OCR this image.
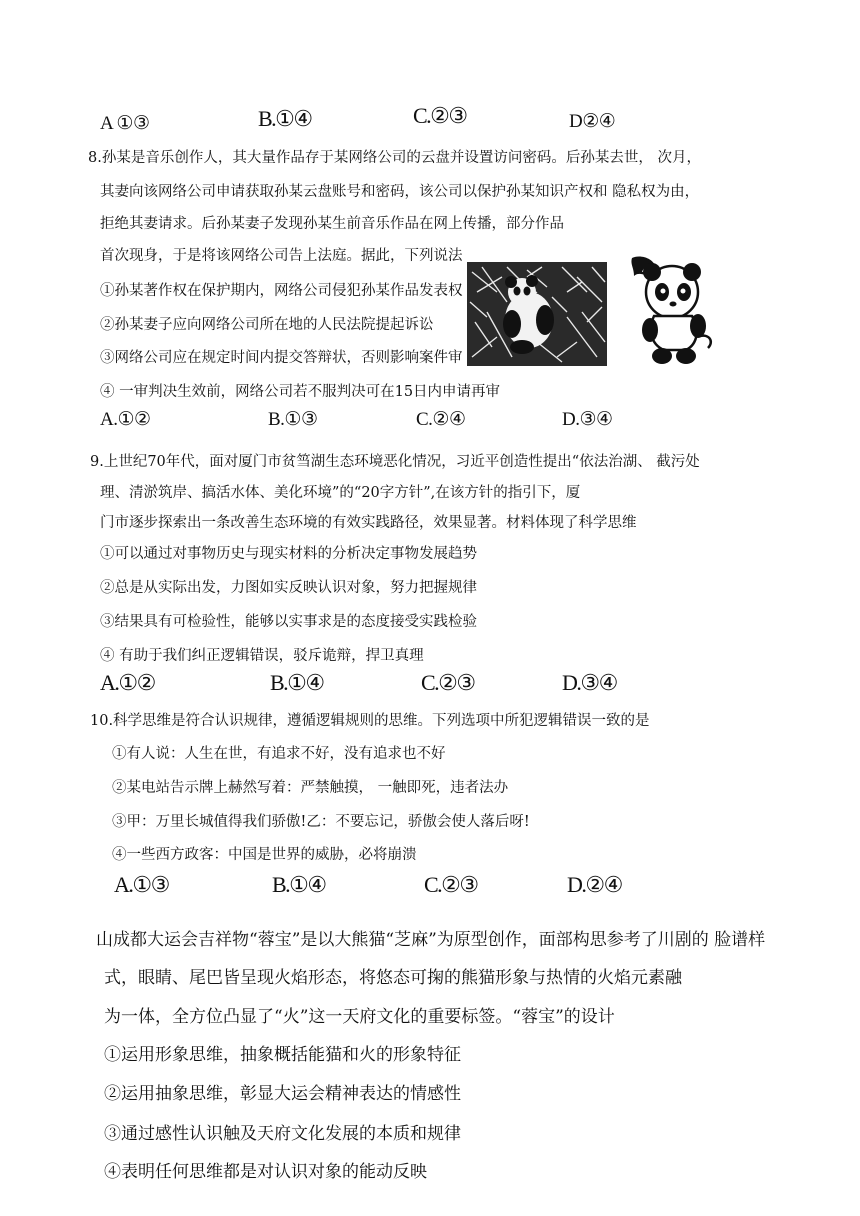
A ①③	B.①④	C.②③	D②④
8.孙某是音乐创作人，其大量作品存于某网络公司的云盘并设置访问密码。后孙某去世， 次月，
其妻向该网络公司申请获取孙某云盘账号和密码，该公司以保护孙某知识产权和 隐私权为由，
拒绝其妻请求。后孙某妻子发现孙某生前音乐作品在网上传播，部分作品
首次现身，于是将该网络公司告上法庭。据此，下列说法
①孙某著作权在保护期内，网络公司侵犯孙某作品发表权
②孙某妻子应向网络公司所在地的人民法院提起诉讼
③网络公司应在规定时间内提交答辩状，否则影响案件审
④ 一审判决生效前，网络公司若不服判决可在15日内申请再审
A.①②	B.①③	C.②④	D.③④
9.上世纪70年代，面对厦门市贫筜湖生态环境恶化情况，习近平创造性提出“依法治湖、 截污处
理、清淤筑岸、搞活水体、美化环境”的“20字方针”,在该方针的指引下，厦
门市逐步探索出一条改善生态环境的有效实践路径，效果显著。材料体现了科学思维
①可以通过对事物历史与现实材料的分析决定事物发展趋势
②总是从实际出发，力图如实反映认识对象，努力把握规律
③结果具有可检验性，能够以实事求是的态度接受实践检验
④ 有助于我们纠正逻辑错误，驳斥诡辩，捍卫真理
A.①②	B.①④	C.②③	D.③④
10.科学思维是符合认识规律，遵循逻辑规则的思维。下列选项中所犯逻辑错误一致的是
①有人说：人生在世，有追求不好，没有追求也不好
②某电站告示牌上赫然写着：严禁触摸， 一触即死，违者法办
③甲：万里长城值得我们骄傲!乙：不要忘记，骄傲会使人落后呀!
④一些西方政客：中国是世界的威胁，必将崩溃
A.①③	B.①④	C.②③	D.②④
山成都大运会吉祥物“蓉宝”是以大熊猫“芝麻”为原型创作，面部构思参考了川剧的 脸谱样
式，眼睛、尾巴皆呈现火焰形态，将悠态可掬的熊猫形象与热情的火焰元素融
为一体，全方位凸显了“火”这一天府文化的重要标签。“蓉宝”的设计
①运用形象思维，抽象概括能猫和火的形象特征
②运用抽象思维，彰显大运会精神表达的情感性
③通过感性认识触及天府文化发展的本质和规律
④表明任何思维都是对认识对象的能动反映
